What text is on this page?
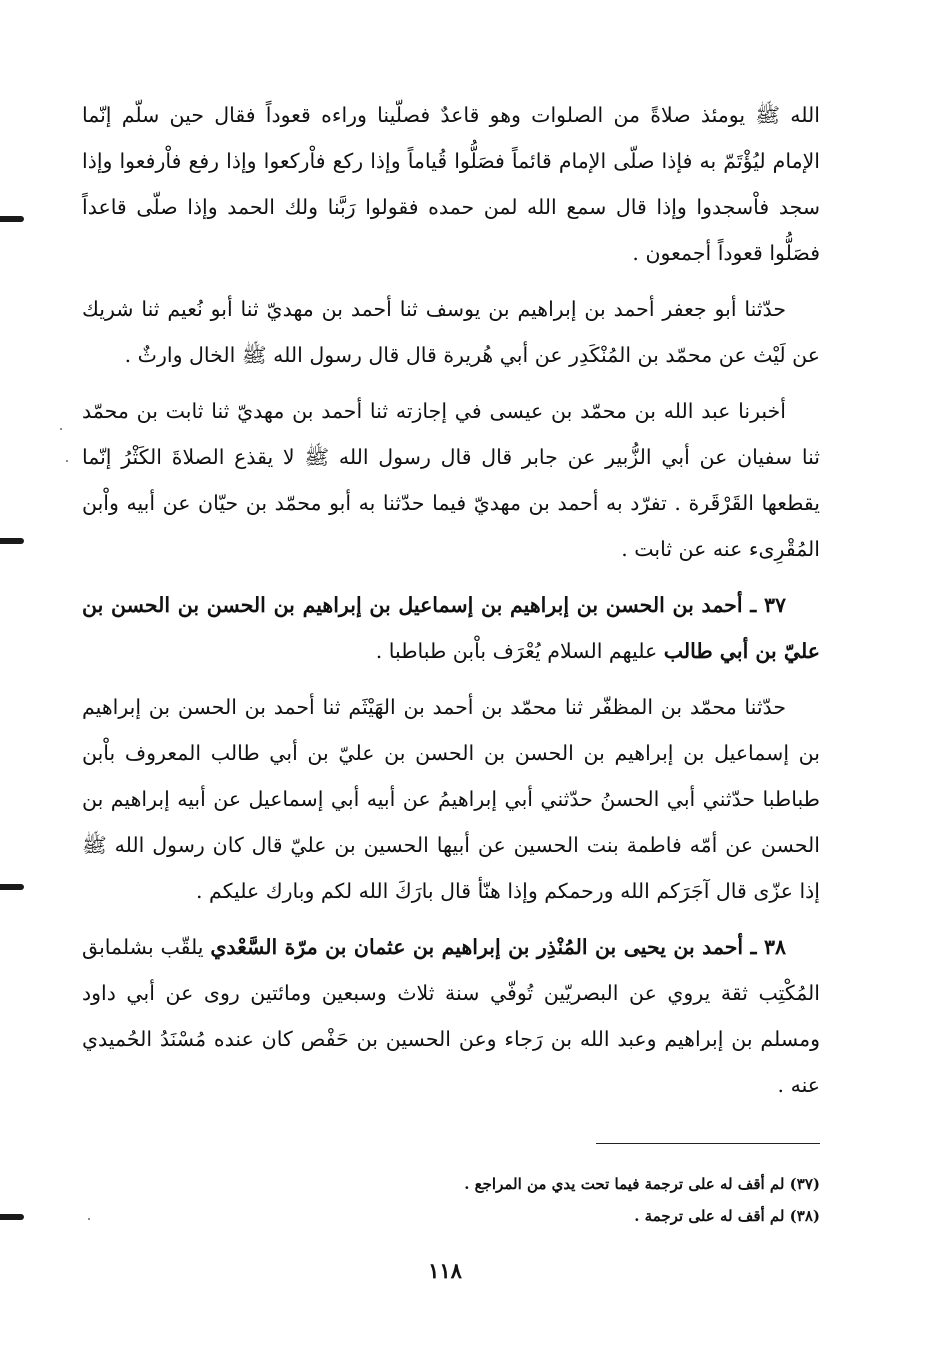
الله ﷺ يومئذ صلاةً من الصلوات وهو قاعدٌ فصلّينا وراءه قعوداً فقال حين سلّم إنّما الإمام ليُؤْتَمّ به فإذا صلّى الإمام قائماً فصَلُّوا قُياماً وإذا ركع فاْركعوا وإذا رفع فاْرفعوا وإذا سجد فاْسجدوا وإذا قال سمع الله لمن حمده فقولوا رَبَّنا ولك الحمد وإذا صلّى قاعداً فصَلُّوا قعوداً أجمعون .

حدّثنا أبو جعفر أحمد بن إبراهيم بن يوسف ثنا أحمد بن مهديّ ثنا أبو نُعيم ثنا شريك عن لَيْث عن محمّد بن المُنْكَدِر عن أبي هُريرة قال قال رسول الله ﷺ الخال وارثٌ .

أخبرنا عبد الله بن محمّد بن عيسى في إجازته ثنا أحمد بن مهديّ ثنا ثابت بن محمّد ثنا سفيان عن أبي الزُّبير عن جابر قال قال رسول الله ﷺ لا يقذع الصلاةَ الكَثْرُ إنّما يقطعها القَرْقَرة . تفرّد به أحمد بن مهديّ فيما حدّثنا به أبو محمّد بن حيّان عن أبيه واْبن المُقْرِىء عنه عن ثابت .

٣٧ ـ أحمد بن الحسن بن إبراهيم بن إسماعيل بن إبراهيم بن الحسن بن الحسن بن عليّ بن أبي طالب عليهم السلام يُعْرَف باْبن طباطبا .

حدّثنا محمّد بن المظفّر ثنا محمّد بن أحمد بن الهَيْثَم ثنا أحمد بن الحسن بن إبراهيم بن إسماعيل بن إبراهيم بن الحسن بن الحسن بن عليّ بن أبي طالب المعروف باْبن طباطبا حدّثني أبي الحسنُ حدّثني أبي إبراهيمُ عن أبيه أبي إسماعيل عن أبيه إبراهيم بن الحسن عن أمّه فاطمة بنت الحسين عن أبيها الحسين بن عليّ قال كان رسول الله ﷺ إذا عزّى قال آجَرَكم الله ورحمكم وإذا هنّأ قال بارَكَ الله لكم وبارك عليكم .

٣٨ ـ أحمد بن يحيى بن المُنْذِر بن إبراهيم بن عثمان بن مرّة السَّعْدي يلقّب بشلمابق المُكْتِب ثقة يروي عن البصريّين تُوفّي سنة ثلاث وسبعين ومائتين روى عن أبي داود ومسلم بن إبراهيم وعبد الله بن رَجاء وعن الحسين بن حَفْص كان عنده مُسْنَدُ الحُميدي عنه .

(٣٧) لم أقف له على ترجمة فيما تحت يدي من المراجع .

(٣٨) لم أقف له على ترجمة .

١١٨
